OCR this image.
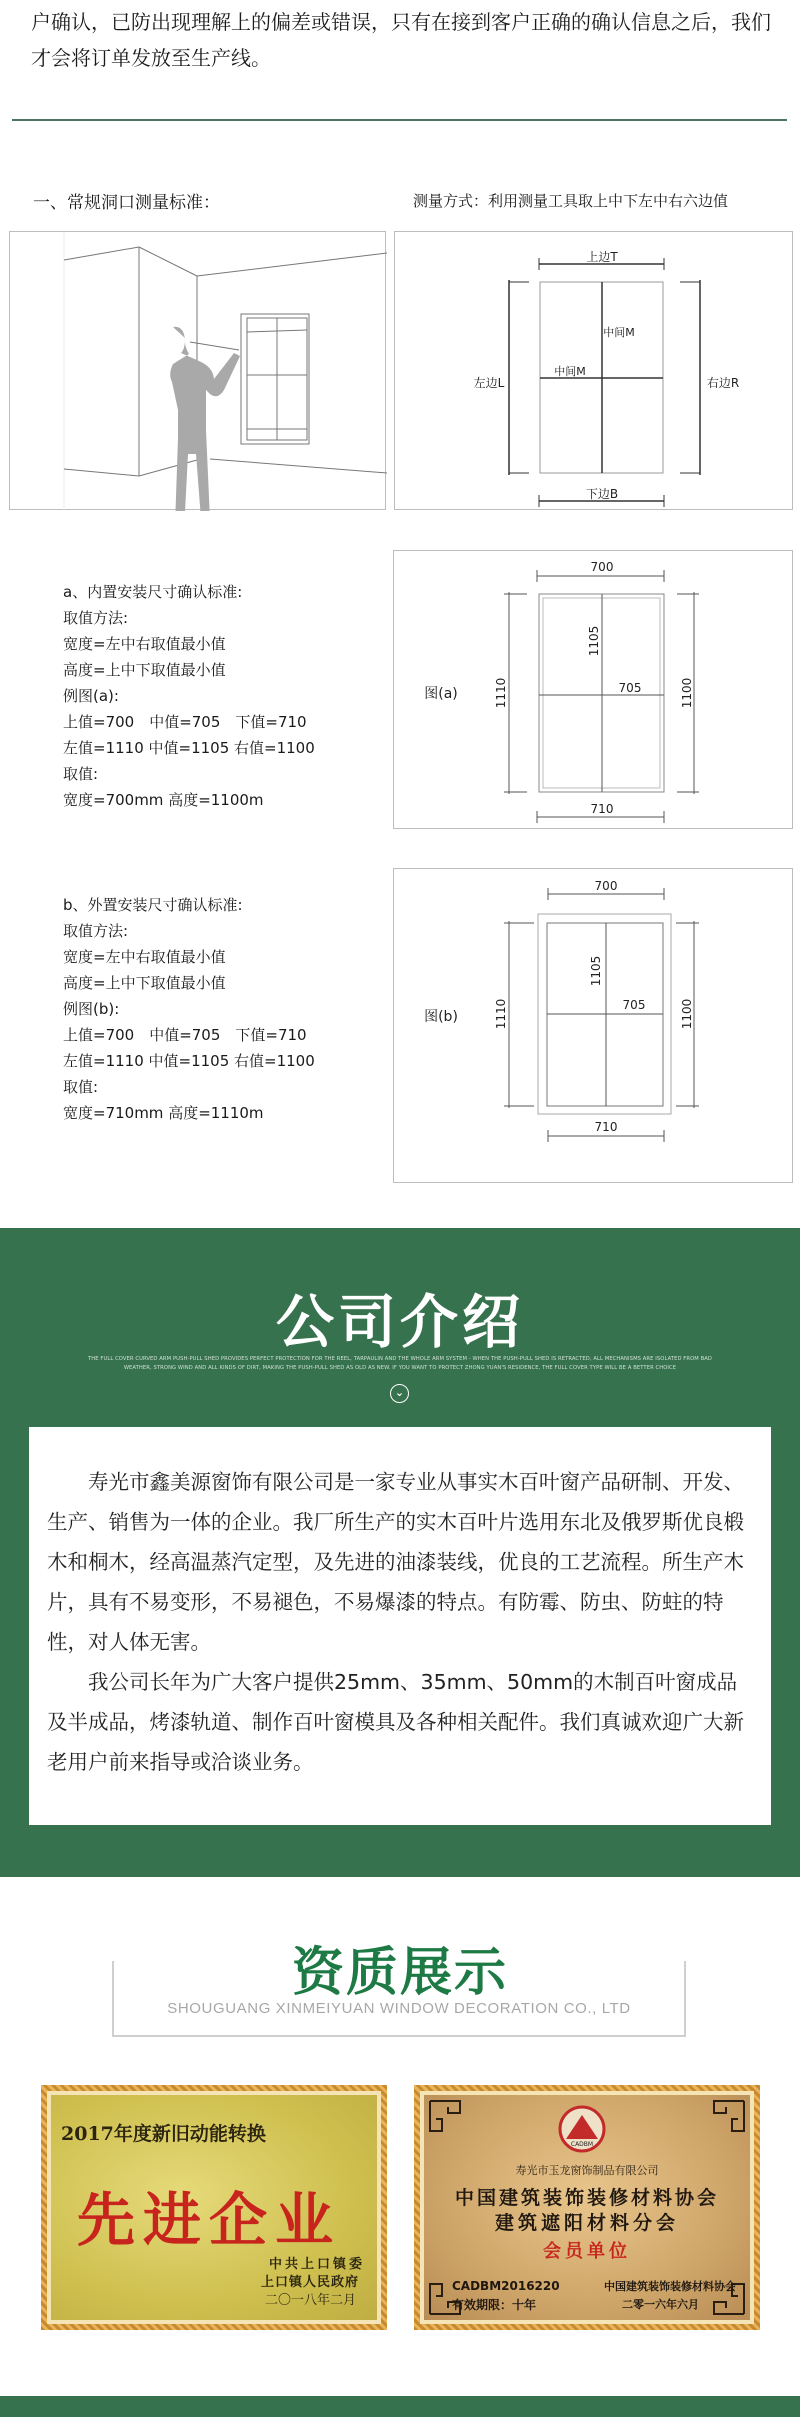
户确认，已防出现理解上的偏差或错误，只有在接到客户正确的确认信息之后，我们才会将订单发放至生产线。
一、常规洞口测量标准：	测量方式：利用测量工具取上中下左中右六边值
上边T
下边B
左边L	右边R
中间M
中间M
a、内置安装尺寸确认标准:
取值方法:
宽度=左中右取值最小值
高度=上中下取值最小值
例图(a):
上值=700　中值=705　下值=710
左值=1110 中值=1105 右值=1100
取值:
宽度=700mm 高度=1100m
700
710
705
1110
1105
1100
图(a)
b、外置安装尺寸确认标准:
取值方法:
宽度=左中右取值最小值
高度=上中下取值最小值
例图(b):
上值=700　中值=705　下值=710
左值=1110 中值=1105 右值=1100
取值:
宽度=710mm 高度=1110m
700
710
705
1110
1105
1100
图(b)
公司介绍
THE FULL COVER CURVED ARM PUSH-PULL SHED PROVIDES PERFECT PROTECTION FOR THE REEL, TARPAULIN AND THE WHOLE ARM SYSTEM - WHEN THE PUSH-PULL SHED IS RETRACTED, ALL MECHANISMS ARE ISOLATED FROM BAD WEATHER, STRONG WIND AND ALL KINDS OF DIRT, MAKING THE PUSH-PULL SHED AS OLD AS NEW. IF YOU WANT TO PROTECT ZHONG YUAN'S RESIDENCE, THE FULL COVER TYPE WILL BE A BETTER CHOICE
⌄

寿光市鑫美源窗饰有限公司是一家专业从事实木百叶窗产品研制、开发、生产、销售为一体的企业。我厂所生产的实木百叶片选用东北及俄罗斯优良椴木和桐木，经高温蒸汽定型，及先进的油漆装线，优良的工艺流程。所生产木片，具有不易变形，不易褪色，不易爆漆的特点。有防霉、防虫、防蛀的特性，对人体无害。

我公司长年为广大客户提供25mm、35mm、50mm的木制百叶窗成品及半成品，烤漆轨道、制作百叶窗模具及各种相关配件。我们真诚欢迎广大新老用户前来指导或洽谈业务。

资质展示
SHOUGUANG XINMEIYUAN WINDOW DECORATION CO., LTD
2017年度新旧动能转换
先进企业
中共上口镇委
上口镇人民政府
二〇一八年二月
CADBM
寿光市玉龙窗饰制品有限公司
中国建筑装饰装修材料协会
建筑遮阳材料分会
会员单位
CADBM2016220
有效期限：十年
中国建筑装饰装修材料协会
二零一六年六月
